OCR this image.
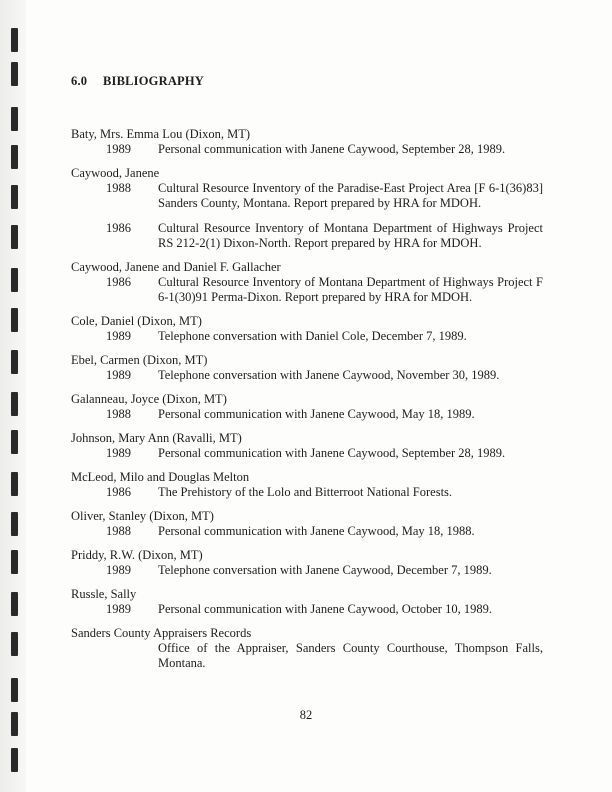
6.0 BIBLIOGRAPHY
Baty, Mrs. Emma Lou (Dixon, MT)
1989	Personal communication with Janene Caywood, September 28, 1989.
Caywood, Janene
1988	Cultural Resource Inventory of the Paradise-East Project Area [F 6-1(36)83] Sanders County, Montana. Report prepared by HRA for MDOH.
1986	Cultural Resource Inventory of Montana Department of Highways Project RS 212-2(1) Dixon-North. Report prepared by HRA for MDOH.
Caywood, Janene and Daniel F. Gallacher
1986	Cultural Resource Inventory of Montana Department of Highways Project F 6-1(30)91 Perma-Dixon. Report prepared by HRA for MDOH.
Cole, Daniel (Dixon, MT)
1989	Telephone conversation with Daniel Cole, December 7, 1989.
Ebel, Carmen (Dixon, MT)
1989	Telephone conversation with Janene Caywood, November 30, 1989.
Galanneau, Joyce (Dixon, MT)
1988	Personal communication with Janene Caywood, May 18, 1989.
Johnson, Mary Ann (Ravalli, MT)
1989	Personal communication with Janene Caywood, September 28, 1989.
McLeod, Milo and Douglas Melton
1986	The Prehistory of the Lolo and Bitterroot National Forests.
Oliver, Stanley (Dixon, MT)
1988	Personal communication with Janene Caywood, May 18, 1988.
Priddy, R.W. (Dixon, MT)
1989	Telephone conversation with Janene Caywood, December 7, 1989.
Russle, Sally
1989	Personal communication with Janene Caywood, October 10, 1989.
Sanders County Appraisers Records
Office of the Appraiser, Sanders County Courthouse, Thompson Falls, Montana.
82
